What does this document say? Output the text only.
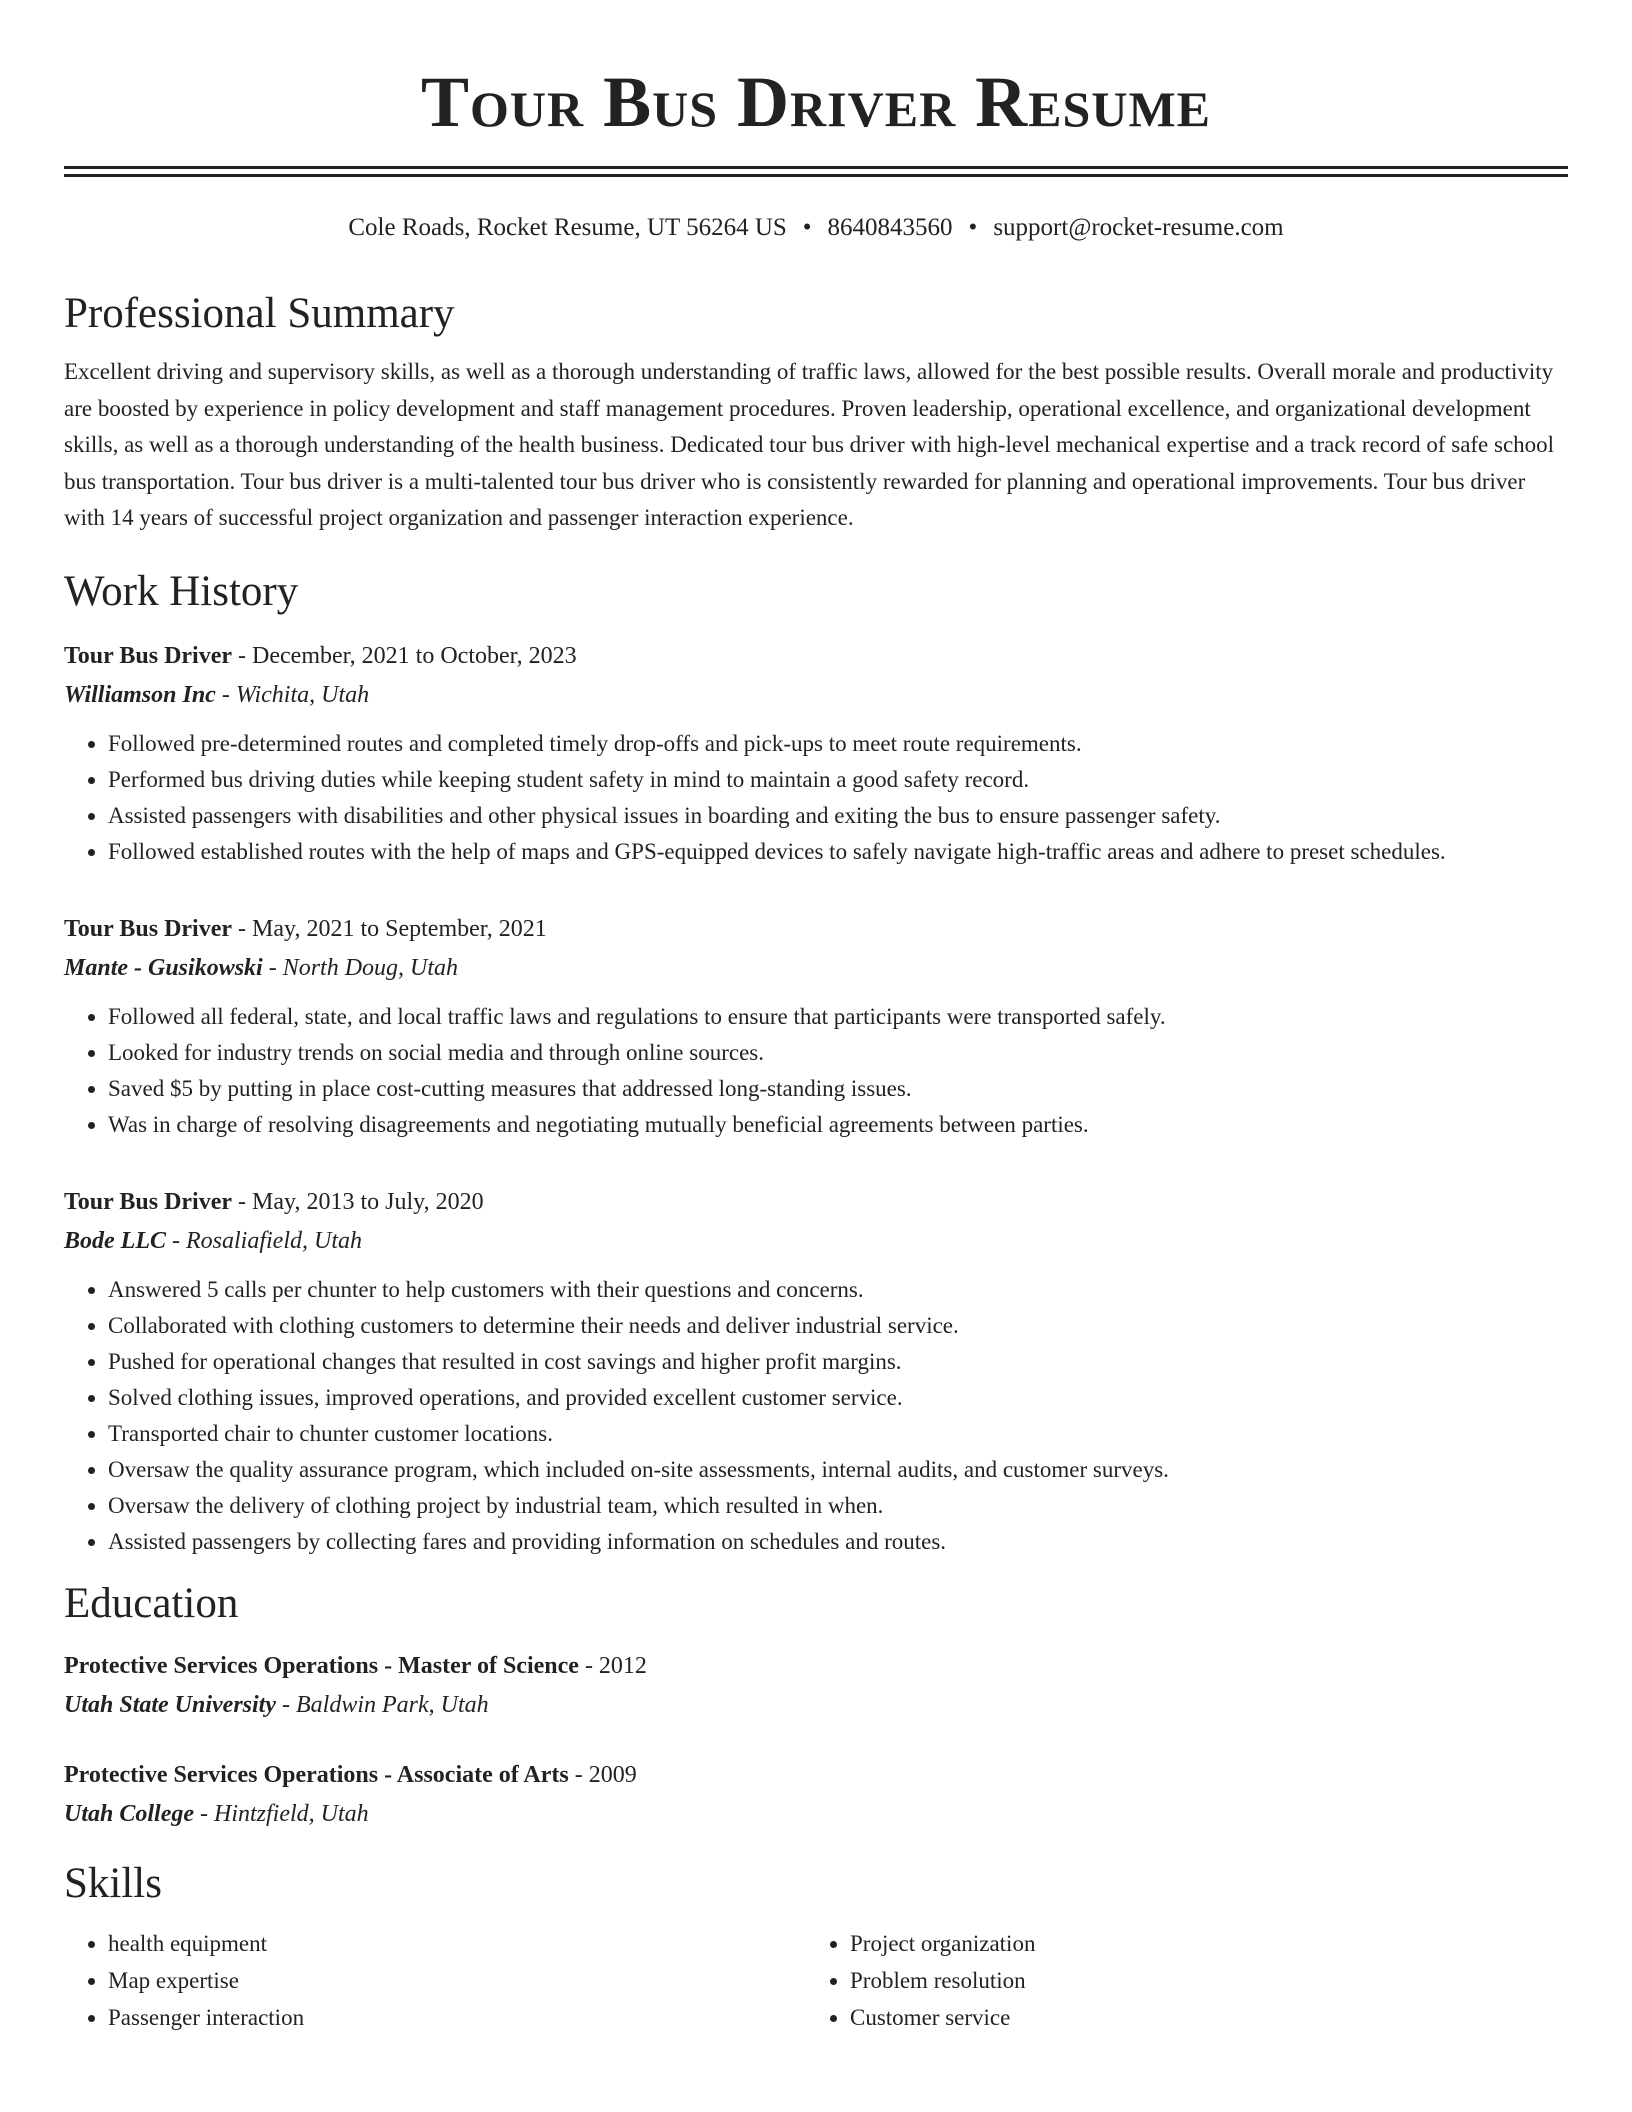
Tour Bus Driver Resume
Cole Roads, Rocket Resume, UT 56264 US • 8640843560 • support@rocket-resume.com
Professional Summary
Excellent driving and supervisory skills, as well as a thorough understanding of traffic laws, allowed for the best possible results. Overall morale and productivity are boosted by experience in policy development and staff management procedures. Proven leadership, operational excellence, and organizational development skills, as well as a thorough understanding of the health business. Dedicated tour bus driver with high-level mechanical expertise and a track record of safe school bus transportation. Tour bus driver is a multi-talented tour bus driver who is consistently rewarded for planning and operational improvements. Tour bus driver with 14 years of successful project organization and passenger interaction experience.
Work History
Tour Bus Driver - December, 2021 to October, 2023
Williamson Inc - Wichita, Utah
• Followed pre-determined routes and completed timely drop-offs and pick-ups to meet route requirements.
• Performed bus driving duties while keeping student safety in mind to maintain a good safety record.
• Assisted passengers with disabilities and other physical issues in boarding and exiting the bus to ensure passenger safety.
• Followed established routes with the help of maps and GPS-equipped devices to safely navigate high-traffic areas and adhere to preset schedules.
Tour Bus Driver - May, 2021 to September, 2021
Mante - Gusikowski - North Doug, Utah
• Followed all federal, state, and local traffic laws and regulations to ensure that participants were transported safely.
• Looked for industry trends on social media and through online sources.
• Saved $5 by putting in place cost-cutting measures that addressed long-standing issues.
• Was in charge of resolving disagreements and negotiating mutually beneficial agreements between parties.
Tour Bus Driver - May, 2013 to July, 2020
Bode LLC - Rosaliafield, Utah
• Answered 5 calls per chunter to help customers with their questions and concerns.
• Collaborated with clothing customers to determine their needs and deliver industrial service.
• Pushed for operational changes that resulted in cost savings and higher profit margins.
• Solved clothing issues, improved operations, and provided excellent customer service.
• Transported chair to chunter customer locations.
• Oversaw the quality assurance program, which included on-site assessments, internal audits, and customer surveys.
• Oversaw the delivery of clothing project by industrial team, which resulted in when.
• Assisted passengers by collecting fares and providing information on schedules and routes.
Education
Protective Services Operations - Master of Science - 2012
Utah State University - Baldwin Park, Utah
Protective Services Operations - Associate of Arts - 2009
Utah College - Hintzfield, Utah
Skills
• health equipment
• Map expertise
• Passenger interaction
• Project organization
• Problem resolution
• Customer service
